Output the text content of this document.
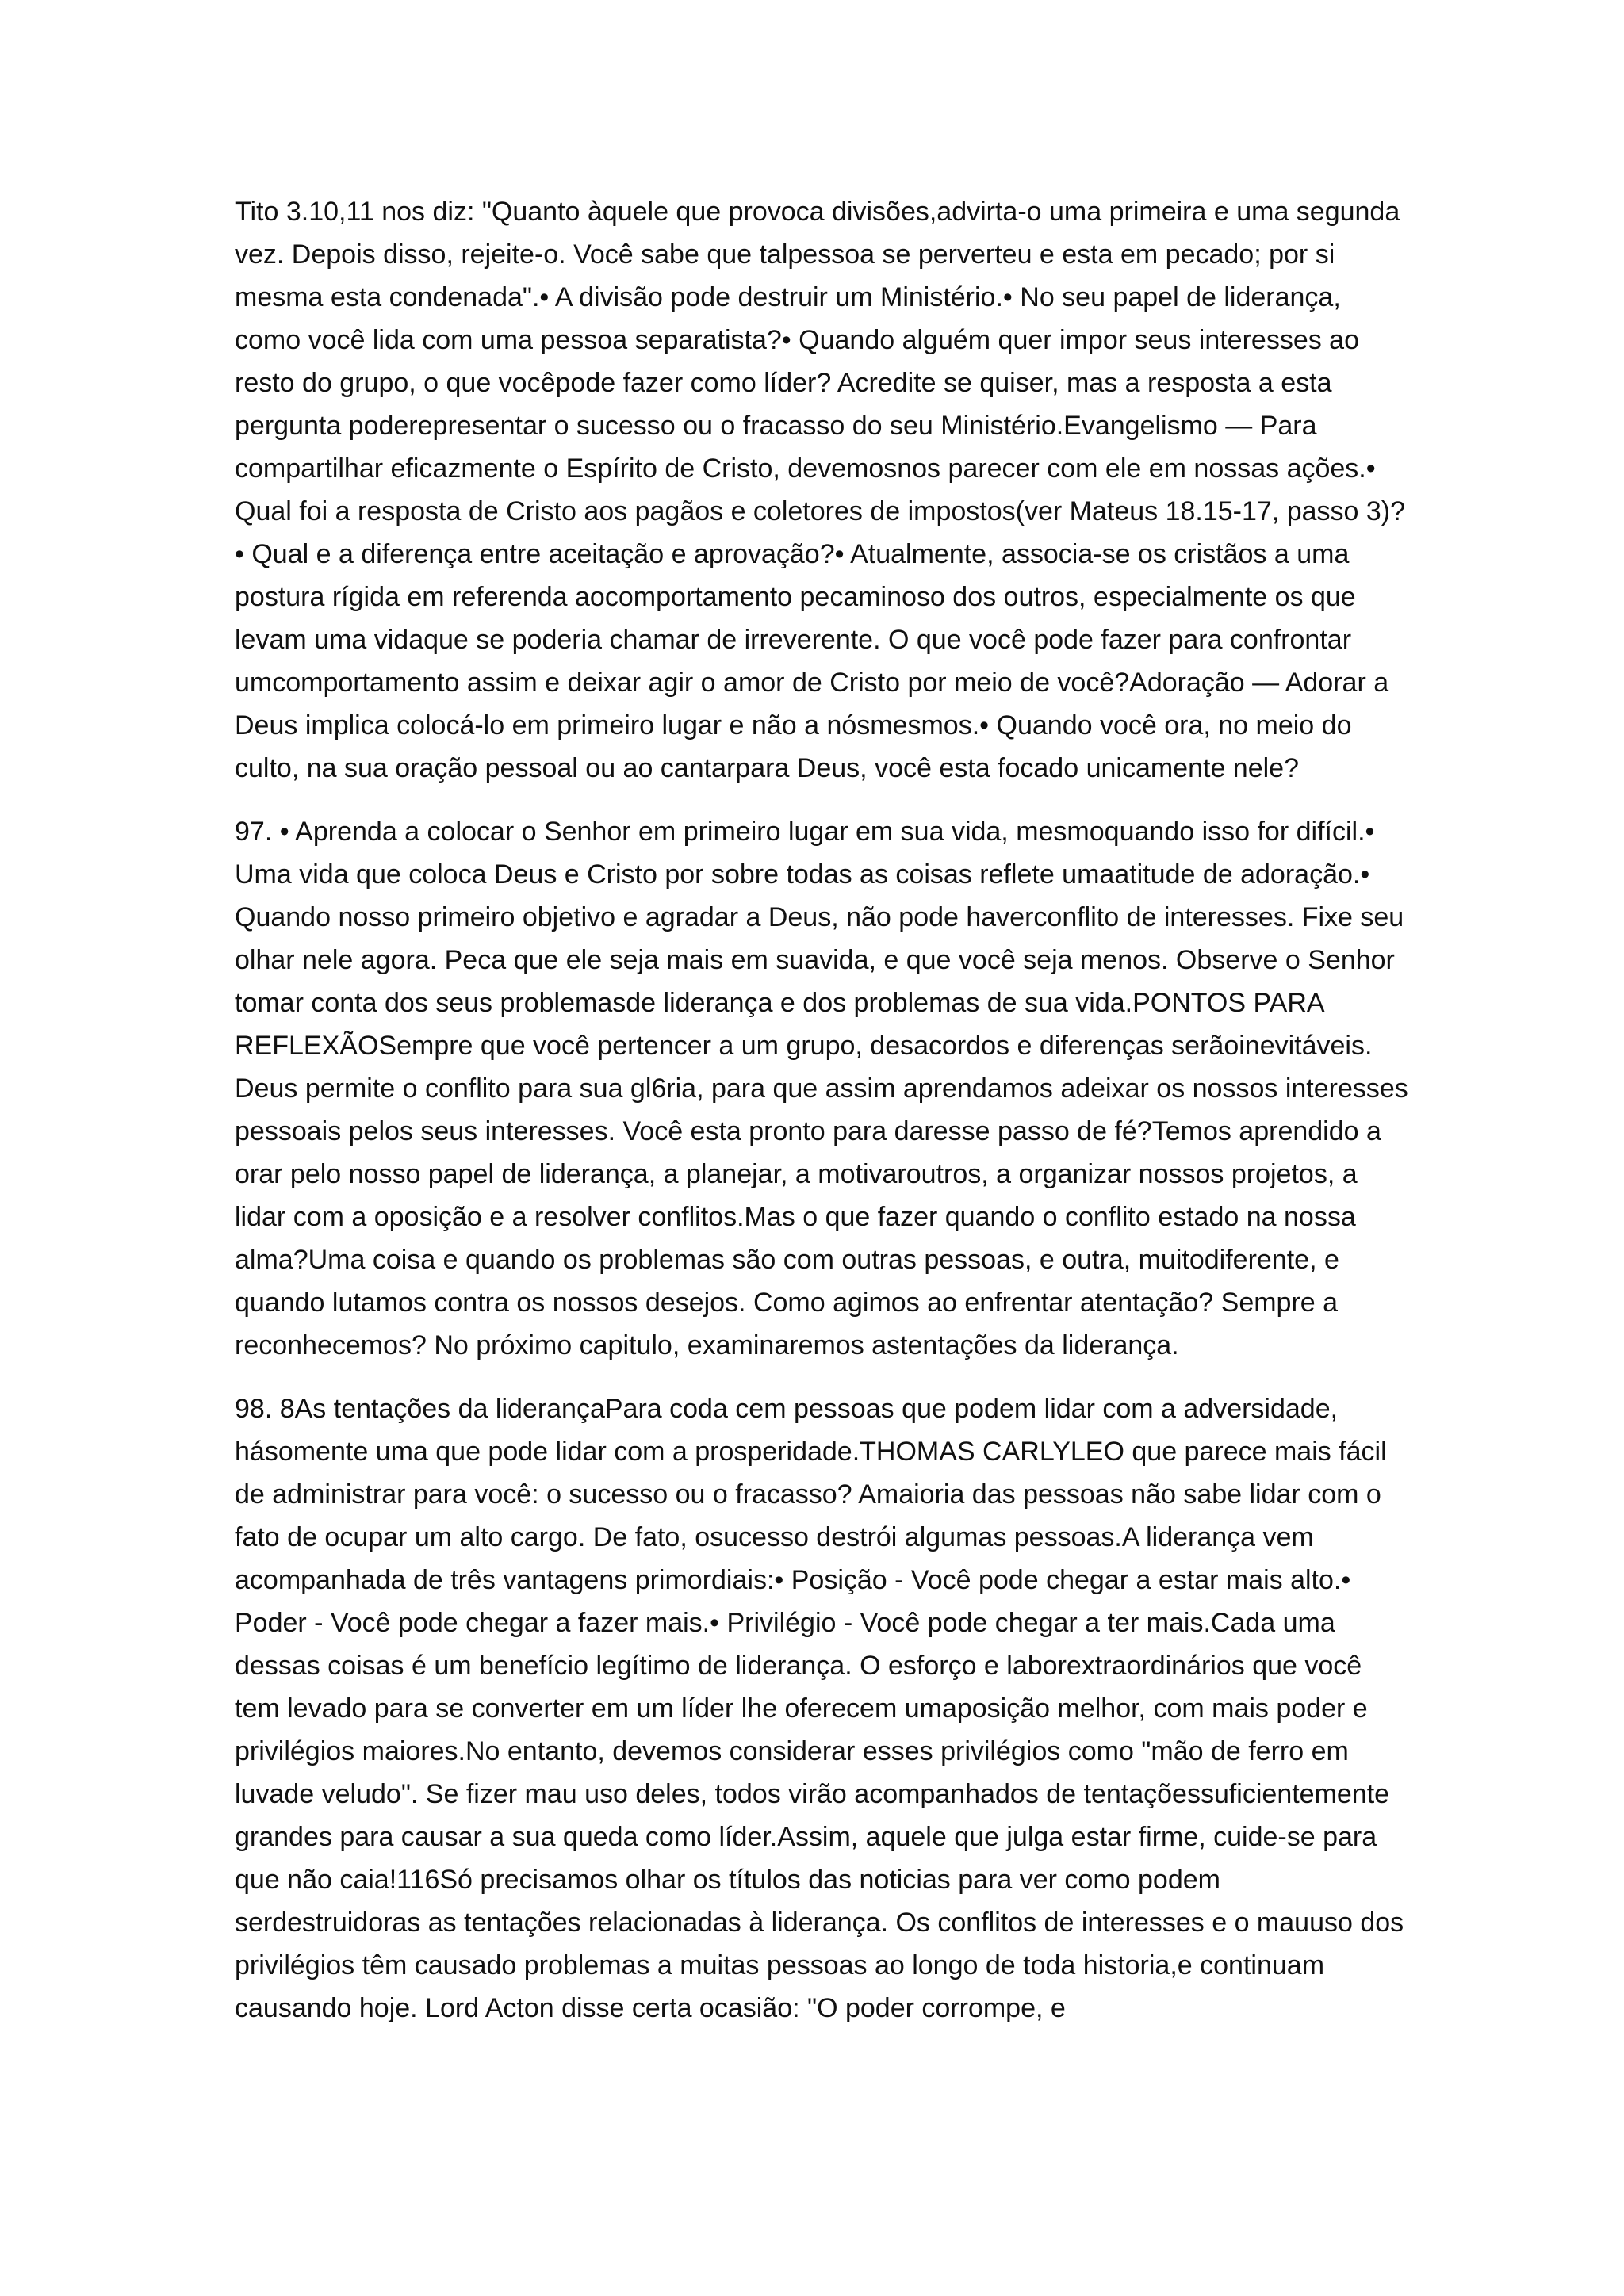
Tito 3.10,11 nos diz: "Quanto àquele que provoca divisões,advirta-o uma primeira e uma segunda vez. Depois disso, rejeite-o. Você sabe que talpessoa se perverteu e esta em pecado; por si mesma esta condenada".• A divisão pode destruir um Ministério.• No seu papel de liderança, como você lida com uma pessoa separatista?• Quando alguém quer impor seus interesses ao resto do grupo, o que vocêpode fazer como líder? Acredite se quiser, mas a resposta a esta pergunta poderepresentar o sucesso ou o fracasso do seu Ministério.Evangelismo — Para compartilhar eficazmente o Espírito de Cristo, devemosnos parecer com ele em nossas ações.• Qual foi a resposta de Cristo aos pagãos e coletores de impostos(ver Mateus 18.15-17, passo 3)?• Qual e a diferença entre aceitação e aprovação?• Atualmente, associa-se os cristãos a uma postura rígida em referenda aocomportamento pecaminoso dos outros, especialmente os que levam uma vidaque se poderia chamar de irreverente. O que você pode fazer para confrontar umcomportamento assim e deixar agir o amor de Cristo por meio de você?Adoração — Adorar a Deus implica colocá-lo em primeiro lugar e não a nósmesmos.• Quando você ora, no meio do culto, na sua oração pessoal ou ao cantarpara Deus, você esta focado unicamente nele?

97. • Aprenda a colocar o Senhor em primeiro lugar em sua vida, mesmoquando isso for difícil.• Uma vida que coloca Deus e Cristo por sobre todas as coisas reflete umaatitude de adoração.• Quando nosso primeiro objetivo e agradar a Deus, não pode haverconflito de interesses. Fixe seu olhar nele agora. Peca que ele seja mais em suavida, e que você seja menos. Observe o Senhor tomar conta dos seus problemasde liderança e dos problemas de sua vida.PONTOS PARA REFLEXÃOSempre que você pertencer a um grupo, desacordos e diferenças serãoinevitáveis. Deus permite o conflito para sua gl6ria, para que assim aprendamos adeixar os nossos interesses pessoais pelos seus interesses. Você esta pronto para daresse passo de fé?Temos aprendido a orar pelo nosso papel de liderança, a planejar, a motivaroutros, a organizar nossos projetos, a lidar com a oposição e a resolver conflitos.Mas o que fazer quando o conflito estado na nossa alma?Uma coisa e quando os problemas são com outras pessoas, e outra, muitodiferente, e quando lutamos contra os nossos desejos. Como agimos ao enfrentar atentação? Sempre a reconhecemos? No próximo capitulo, examinaremos astentações da liderança.

98. 8As tentações da liderançaPara coda cem pessoas que podem lidar com a adversidade, hásomente uma que pode lidar com a prosperidade.THOMAS CARLYLEO que parece mais fácil de administrar para você: o sucesso ou o fracasso? Amaioria das pessoas não sabe lidar com o fato de ocupar um alto cargo. De fato, osucesso destrói algumas pessoas.A liderança vem acompanhada de três vantagens primordiais:• Posição - Você pode chegar a estar mais alto.• Poder - Você pode chegar a fazer mais.• Privilégio - Você pode chegar a ter mais.Cada uma dessas coisas é um benefício legítimo de liderança. O esforço e laborextraordinários que você tem levado para se converter em um líder lhe oferecem umaposição melhor, com mais poder e privilégios maiores.No entanto, devemos considerar esses privilégios como "mão de ferro em luvade veludo". Se fizer mau uso deles, todos virão acompanhados de tentaçõessuficientemente grandes para causar a sua queda como líder.Assim, aquele que julga estar firme, cuide-se para que não caia!116Só precisamos olhar os títulos das noticias para ver como podem serdestruidoras as tentações relacionadas à liderança. Os conflitos de interesses e o mauuso dos privilégios têm causado problemas a muitas pessoas ao longo de toda historia,e continuam causando hoje. Lord Acton disse certa ocasião: "O poder corrompe, e
